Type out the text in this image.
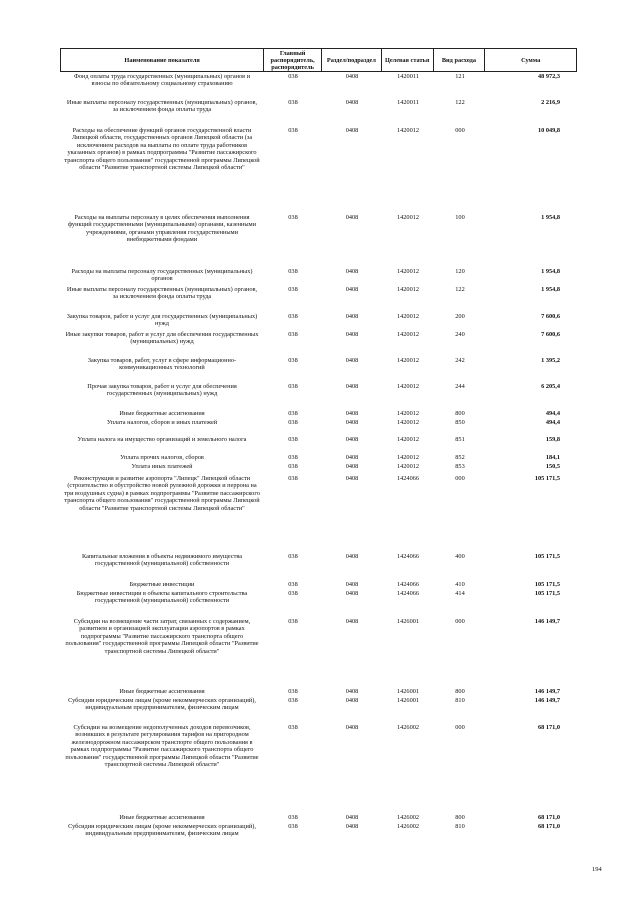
Наименование показателя
Главный распорядитель, распорядитель
Раздел/подраздел	Целевая статья	Вид расхода	Сумма
Фонд оплаты труда государственных (муниципальных) органов и взносы по обязательному социальному страхованию
038	0408	1420011	121	48 972,3
Иные выплаты персоналу государственных (муниципальных) органов, за исключением фонда оплаты труда
038	0408	1420011	122	2 216,9
Расходы на обеспечение функций органов государственной власти Липецкой области, государственных органов Липецкой области (за исключением расходов на выплаты по оплате труда работников указанных органов) в рамках подпрограммы "Развитие пассажирского транспорта общего пользования" государственной программы Липецкой области "Развитие транспортной системы Липецкой области"
038	0408	1420012	000	10 049,8
Расходы на выплаты персоналу в целях обеспечения выполнения функций государственными (муниципальными) органами, казенными учреждениями, органами управления государственными внебюджетными фондами
038	0408	1420012	100	1 954,8
Расходы на выплаты персоналу государственных (муниципальных) органов
038	0408	1420012	120	1 954,8
Иные выплаты персоналу государственных (муниципальных) органов, за исключением фонда оплаты труда
038	0408	1420012	122	1 954,8
Закупка товаров, работ и услуг для государственных (муниципальных) нужд
038	0408	1420012	200	7 600,6
Иные закупки товаров, работ и услуг для обеспечения государственных (муниципальных) нужд
038	0408	1420012	240	7 600,6
Закупка товаров, работ, услуг в сфере информационно-коммуникационных технологий
038	0408	1420012	242	1 395,2
Прочая закупка товаров, работ и услуг для обеспечения государственных (муниципальных) нужд
038	0408	1420012	244	6 205,4
Иные бюджетные ассигнования	038	0408	1420012	800	494,4
Уплата налогов, сборов и иных платежей	038	0408	1420012	850	494,4
Уплата налога на имущество организаций и земельного налога	038	0408	1420012	851	159,8
Уплата прочих налогов, сборов	038	0408	1420012	852	184,1
Уплата иных платежей	038	0408	1420012	853	150,5
Реконструкция и развитие аэропорта "Липецк" Липецкой области (строительство и обустройство новой рулежной дорожки и перрона на три воздушных судна) в рамках подпрограммы "Развитие пассажирского транспорта общего пользования" государственной программы Липецкой области "Развитие транспортной системы Липецкой области"
038	0408	1424066	000	105 171,5
Капитальные вложения в объекты недвижимого имущества государственной (муниципальной) собственности
038	0408	1424066	400	105 171,5
Бюджетные инвестиции	038	0408	1424066	410	105 171,5
Бюджетные инвестиции в объекты капитального строительства государственной (муниципальной) собственности
038	0408	1424066	414	105 171,5
Субсидии на возмещение части затрат, связанных с содержанием, развитием и организацией эксплуатации аэропортов в рамках подпрограммы "Развитие пассажирского транспорта общего пользования" государственной программы Липецкой области "Развитие транспортной системы Липецкой области"
038	0408	1426001	000	146 149,7
Иные бюджетные ассигнования	038	0408	1426001	800	146 149,7
Субсидии юридическим лицам (кроме некоммерческих организаций), индивидуальным предпринимателям, физическим лицам
038	0408	1426001	810	146 149,7
Субсидии на возмещение недополученных доходов перевозчиков, возникших в результате регулирования тарифов на пригородном железнодорожном пассажирском транспорте общего пользования в рамках подпрограммы "Развитие пассажирского транспорта общего пользования" государственной программы Липецкой области "Развитие транспортной системы Липецкой области"
038	0408	1426002	000	68 171,0
Иные бюджетные ассигнования	038	0408	1426002	800	68 171,0
Субсидии юридическим лицам (кроме некоммерческих организаций), индивидуальным предпринимателям, физическим лицам
038	0408	1426002	810	68 171,0
194
